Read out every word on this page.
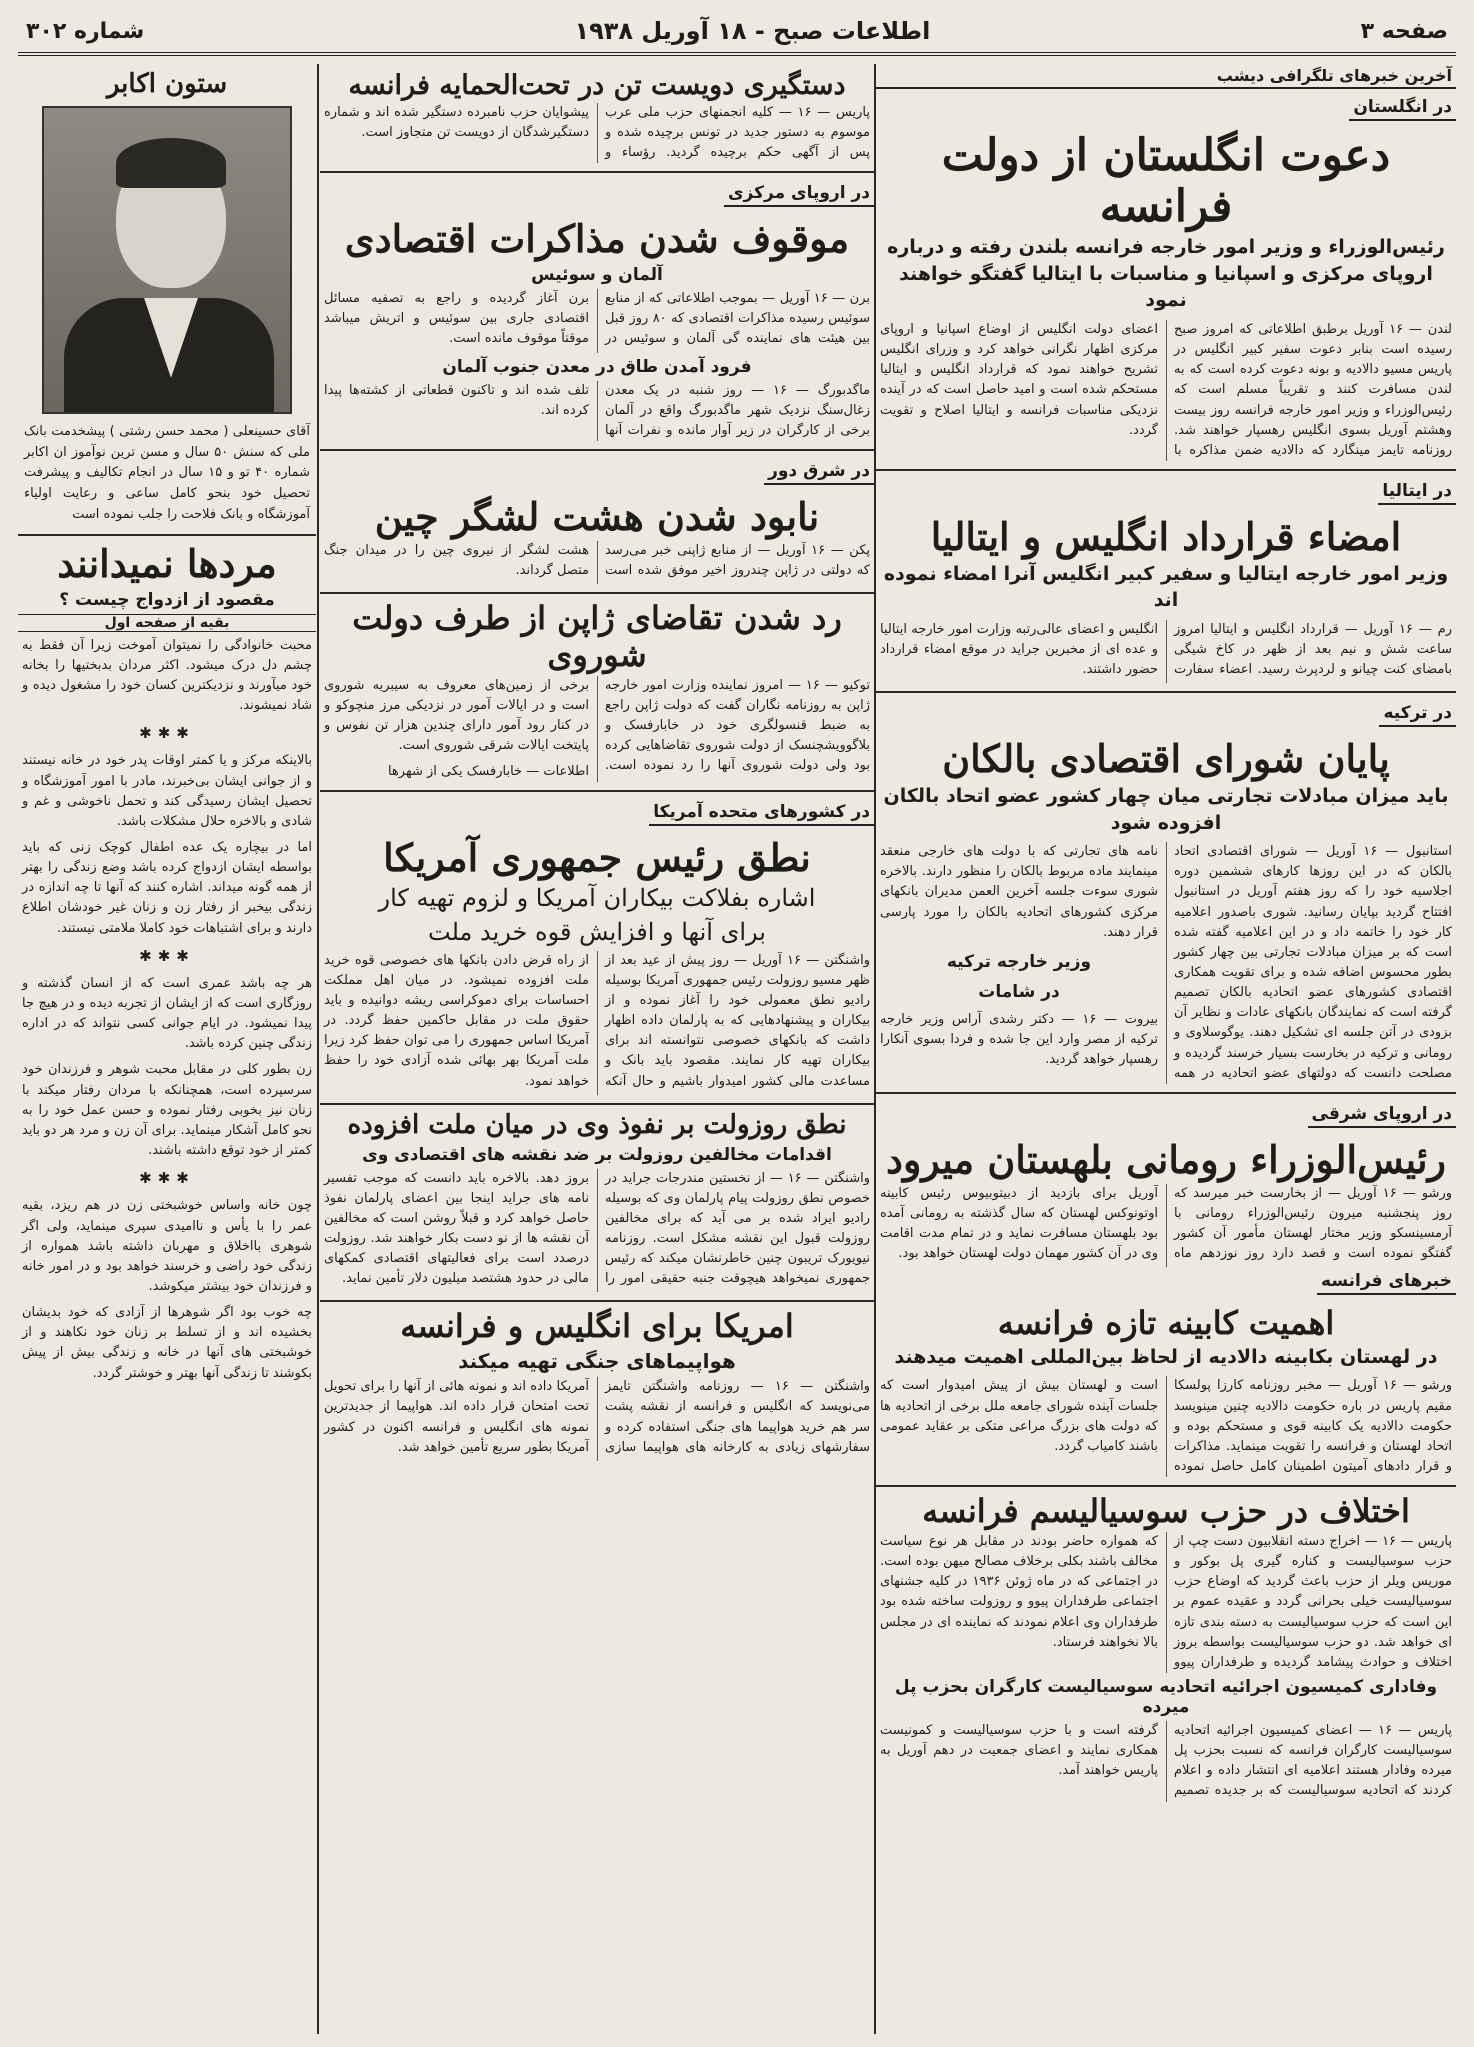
شماره ۳۰۲	اطلاعات صبح - ۱۸ آوریل ۱۹۳۸	صفحه ۳
آخرین خبرهای تلگرافی دیشب
در انگلستان
دعوت انگلستان از دولت فرانسه
رئیس‌الوزراء و وزیر امور خارجه فرانسه بلندن رفته و درباره اروپای مرکزی و اسپانیا و مناسبات با ایتالیا گفتگو خواهند نمود

لندن — ۱۶ آوریل برطبق اطلاعاتی که امروز صبح رسیده است بنابر دعوت سفیر کبیر انگلیس در پاریس مسیو دالادیه و بونه دعوت کرده است که به لندن مسافرت کنند و تقریباً مسلم است که رئیس‌الوزراء و وزیر امور خارجه فرانسه روز بیست وهشتم آوریل بسوی انگلیس رهسپار خواهند شد. روزنامه تایمز مینگارد که دالادیه ضمن مذاکره با اعضای دولت انگلیس از اوضاع اسپانیا و اروپای مرکزی اظهار نگرانی خواهد کرد و وزرای انگلیس تشریح خواهند نمود که قرارداد انگلیس و ایتالیا مستحکم شده است و امید حاصل است که در آینده نزدیکی مناسبات فرانسه و ایتالیا اصلاح و تقویت گردد.

در ایتالیا
امضاء قرارداد انگلیس و ایتالیا
وزیر امور خارجه ایتالیا و سفیر کبیر انگلیس آنرا امضاء نموده اند

رم — ۱۶ آوریل — قرارداد انگلیس و ایتالیا امروز ساعت شش و نیم بعد از ظهر در کاخ شیگی بامضای کنت چیانو و لردپرث رسید. اعضاء سفارت انگلیس و اعضای عالی‌رتبه وزارت امور خارجه ایتالیا و عده ای از مخبرین جراید در موقع امضاء قرارداد حضور داشتند.

در ترکیه
پایان شورای اقتصادی بالکان
باید میزان مبادلات تجارتی میان چهار کشور عضو اتحاد بالکان افزوده شود

استانبول — ۱۶ آوریل — شورای اقتصادی اتحاد بالکان که در این روزها کارهای ششمین دوره اجلاسیه خود را که روز هفتم آوریل در استانبول افتتاح گردید بپایان رسانید. شوری باصدور اعلامیه کار خود را خاتمه داد و در این اعلامیه گفته شده است که بر میزان مبادلات تجارتی بین چهار کشور بطور محسوس اضافه شده و برای تقویت همکاری اقتصادی کشورهای عضو اتحادیه بالکان تصمیم گرفته است که نمایندگان بانکهای عادات و نظایر آن بزودی در آتن جلسه ای تشکیل دهند. یوگوسلاوی و رومانی و ترکیه در بخارست بسیار خرسند گردیده و مصلحت دانست که دولتهای عضو اتحادیه در همه نامه های تجارتی که با دولت های خارجی منعقد مینمایند ماده مربوط بالکان را منظور دارند. بالاخره شوری سوءت جلسه آخرین العمن مدیران بانکهای مرکزی کشورهای اتحادیه بالکان را مورد پارسی قرار دهند.

وزیر خارجه ترکیه
در شامات

بیروت — ۱۶ — دکتر رشدی آراس وزیر خارجه ترکیه از مصر وارد این جا شده و فردا بسوی آنکارا رهسپار خواهد گردید.

در اروپای شرقی
رئیس‌الوزراء رومانی بلهستان میرود

ورشو — ۱۶ آوریل — از بخارست خبر میرسد که روز پنجشنبه میرون رئیس‌الوزراء رومانی با آرمسینسکو وزیر مختار لهستان مأمور آن کشور گفتگو نموده است و قصد دارد روز نوزدهم ماه آوریل برای بازدید از دبیتوبیوس رئیس کابینه اوتونوکس لهستان که سال گذشته به رومانی آمده بود بلهستان مسافرت نماید و در تمام مدت اقامت وی در آن کشور مهمان دولت لهستان خواهد بود.

خبرهای فرانسه
اهمیت کابینه تازه فرانسه
در لهستان بکابینه دالادیه از لحاظ بین‌المللی اهمیت میدهند

ورشو — ۱۶ آوریل — مخبر روزنامه کارزا پولسکا مقیم پاریس در باره حکومت دالادیه چنین مینویسد حکومت دالادیه یک کابینه قوی و مستحکم بوده و اتحاد لهستان و فرانسه را تقویت مینماید. مذاکرات و قرار دادهای آمیتون اطمینان کامل حاصل نموده است و لهستان بیش از پیش امیدوار است که جلسات آینده شورای جامعه ملل برخی از اتحادیه ها که دولت های بزرگ مراعی متکی بر عقاید عمومی باشند کامیاب گردد.

اختلاف در حزب سوسیالیسم فرانسه

پاریس — ۱۶ — اخراج دسته انقلابیون دست چپ از حزب سوسیالیست و کناره گیری پل بوکور و موریس ویلر از حزب باعث گردید که اوضاع حزب سوسیالیست خیلی بحرانی گردد و عقیده عموم بر این است که حزب سوسیالیست به دسته بندی تازه ای خواهد شد. دو حزب سوسیالیست بواسطه بروز اختلاف و حوادث پیشامد گردیده و طرفداران پیوو که همواره حاضر بودند در مقابل هر نوع سیاست مخالف باشند بکلی برخلاف مصالح میهن بوده است. در اجتماعی که در ماه ژوئن ۱۹۳۶ در کلیه جشنهای اجتماعی طرفداران پیوو و روزولت ساخته شده بود طرفداران وی اعلام نمودند که نماینده ای در مجلس بالا نخواهند فرستاد.

وفاداری کمیسیون اجرائیه اتحادیه سوسیالیست کارگران بحزب پل میرده

پاریس — ۱۶ — اعضای کمیسیون اجرائیه اتحادیه سوسیالیست کارگران فرانسه که نسبت بحزب پل میرده وفادار هستند اعلامیه ای انتشار داده و اعلام کردند که اتحادیه سوسیالیست که بر جدیده تصمیم گرفته است و با حزب سوسیالیست و کمونیست همکاری نمایند و اعضای جمعیت در دهم آوریل به پاریس خواهند آمد.

دستگیری دویست تن در تحت‌الحمایه فرانسه

پاریس — ۱۶ — کلیه انجمنهای حزب ملی عرب موسوم به دستور جدید در تونس برچیده شده و پس از آگهی حکم برچیده گردید. رؤساء و پیشوایان حزب نامبرده دستگیر شده اند و شماره دستگیرشدگان از دویست تن متجاوز است.

در اروپای مرکزی
موقوف شدن مذاکرات اقتصادی
آلمان و سوئیس

برن — ۱۶ آوریل — بموجب اطلاعاتی که از منابع سوئیس رسیده مذاکرات اقتصادی که ۸۰ روز قبل بین هیئت های نماینده گی آلمان و سوئیس در برن آغاز گردیده و راجع به تصفیه مسائل اقتصادی جاری بین سوئیس و اتریش میباشد موقتاً موقوف مانده است.

فرود آمدن طاق در معدن جنوب آلمان

ماگدبورگ — ۱۶ — روز شنبه در یک معدن زغال‌سنگ نزدیک شهر ماگدبورگ واقع در آلمان برخی از کارگران در زیر آوار مانده و نفرات آنها تلف شده اند و تاکنون قطعاتی از کشته‌ها پیدا کرده اند.

در شرق دور
نابود شدن هشت لشگر چین

پکن — ۱۶ آوریل — از منابع ژاپنی خبر می‌رسد که دولتی در ژاپن چندروز اخیر موفق شده است هشت لشگر از نیروی چین را در میدان جنگ متصل گرداند.

رد شدن تقاضای ژاپن از طرف دولت شوروی

توکیو — ۱۶ — امروز نماینده وزارت امور خارجه ژاپن به روزنامه نگاران گفت که دولت ژاپن راجع به ضبط قنسولگری خود در خابارفسک و بلاگوویشچنسک از دولت شوروی تقاضاهایی کرده بود ولی دولت شوروی آنها را رد نموده است. برخی از زمین‌های معروف به سیبریه شوروی است و در ایالات آمور در نزدیکی مرز منچوکو و در کنار رود آمور دارای چندین هزار تن نفوس و پایتخت ایالات شرقی شوروی است.

اطلاعات — خابارفسک یکی از شهرها

در کشورهای متحده آمریکا
نطق رئیس جمهوری آمریکا
اشاره بفلاکت بیکاران آمریکا و لزوم تهیه کار
برای آنها و افزایش قوه خرید ملت

واشنگتن — ۱۶ آوریل — روز پیش از عید بعد از ظهر مسیو روزولت رئیس جمهوری آمریکا بوسیله رادیو نطق معمولی خود را آغاز نموده و از بیکاران و پیشنهادهایی که به پارلمان داده اظهار داشت که بانکهای خصوصی نتوانسته اند برای بیکاران تهیه کار نمایند. مقصود باید بانک و مساعدت مالی کشور امیدوار باشیم و حال آنکه از راه قرض دادن بانکها های خصوصی قوه خرید ملت افزوده نمیشود. در میان اهل مملکت احساسات برای دموکراسی ریشه دوانیده و باید حقوق ملت در مقابل حاکمین حفظ گردد. در آمریکا اساس جمهوری را می توان حفظ کرد زیرا ملت آمریکا بهر بهائی شده آزادی خود را حفظ خواهد نمود.

نطق روزولت بر نفوذ وی در میان ملت افزوده
اقدامات مخالفین روزولت بر ضد نقشه های اقتصادی وی

واشنگتن — ۱۶ — از نخستین مندرجات جراید در خصوص نطق روزولت پیام پارلمان وی که بوسیله رادیو ایراد شده بر می آید که برای مخالفین روزولت قبول این نقشه مشکل است. روزنامه نیویورک تریبون چنین خاطرنشان میکند که رئیس جمهوری نمیخواهد هیچوقت جنبه حقیقی امور را بروز دهد. بالاخره باید دانست که موجب تفسیر نامه های جراید اینجا بین اعضای پارلمان نفوذ حاصل خواهد کرد و قبلاً روشن است که مخالفین آن نقشه ها از نو دست بکار خواهند شد. روزولت درصدد است برای فعالیتهای اقتصادی کمکهای مالی در حدود هشتصد میلیون دلار تأمین نماید.

امریکا برای انگلیس و فرانسه
هواپیماهای جنگی تهیه میکند

واشنگتن — ۱۶ — روزنامه واشنگتن تایمز می‌نویسد که انگلیس و فرانسه از نقشه پشت سر هم خرید هواپیما های جنگی استفاده کرده و سفارشهای زیادی به کارخانه های هواپیما سازی آمریکا داده اند و نمونه هائی از آنها را برای تحویل تحت امتحان قرار داده اند. هواپیما از جدیدترین نمونه های انگلیس و فرانسه اکنون در کشور آمریکا بطور سریع تأمین خواهد شد.

ستون اکابر
آقای حسینعلی ( محمد حسن رشتی ) پیشخدمت بانک ملی که سنش ۵۰ سال و مسن ترین نوآموز ان اکابر شماره ۴۰ تو و ۱۵ سال در انجام تکالیف و پیشرفت تحصیل خود بنحو کامل ساعی و رعایت اولیاء آموزشگاه و بانک فلاحت را جلب نموده است
مردها نمیدانند
مقصود از ازدواج چیست ؟
بقیه از صفحه اول

محبت خانوادگی را نمیتوان آموخت زیرا آن فقط به چشم دل درک میشود. اکثر مردان بدبختیها را بخانه خود میآورند و نزدیکترین کسان خود را مشغول دیده و شاد نمیشوند.

✱✱✱

بالاینکه مرکز و یا کمتر اوقات پدر خود در خانه نیستند و از جوانی ایشان بی‌خبرند، مادر با امور آموزشگاه و تحصیل ایشان رسیدگی کند و تحمل ناخوشی و غم و شادی و بالاخره حلال مشکلات باشد.

اما در بیچاره یک عده اطفال کوچک زنی که باید بواسطه ایشان ازدواج کرده باشد وضع زندگی را بهتر از همه گونه میداند. اشاره کنند که آنها تا چه اندازه در زندگی بیخبر از رفتار زن و زنان غیر خودشان اطلاع دارند و برای اشتباهات خود کاملا ملامتی نیستند.

✱✱✱

هر چه باشد عمری است که از انسان گذشته و روزگاری است که از ایشان از تجربه دیده و در هیچ جا پیدا نمیشود. در ایام جوانی کسی نتواند که در اداره زندگی چنین کرده باشد.

زن بطور کلی در مقابل محبت شوهر و فرزندان خود سرسپرده است، همچنانکه با مردان رفتار میکند با زنان نیز بخوبی رفتار نموده و حسن عمل خود را به نحو کامل آشکار مینماید. برای آن زن و مرد هر دو باید کمتر از خود توقع داشته باشند.

✱✱✱

چون خانه واساس خوشبختی زن در هم ریزد، بقیه عمر را با یأس و ناامیدی سپری مینماید، ولی اگر شوهری بااخلاق و مهربان داشته باشد همواره از زندگی خود راضی و خرسند خواهد بود و در امور خانه و فرزندان خود بیشتر میکوشد.

چه خوب بود اگر شوهرها از آزادی که خود بدیشان بخشیده اند و از تسلط بر زنان خود نکاهند و از خوشبختی های آنها در خانه و زندگی بیش از پیش بکوشند تا زندگی آنها بهتر و خوشتر گردد.
